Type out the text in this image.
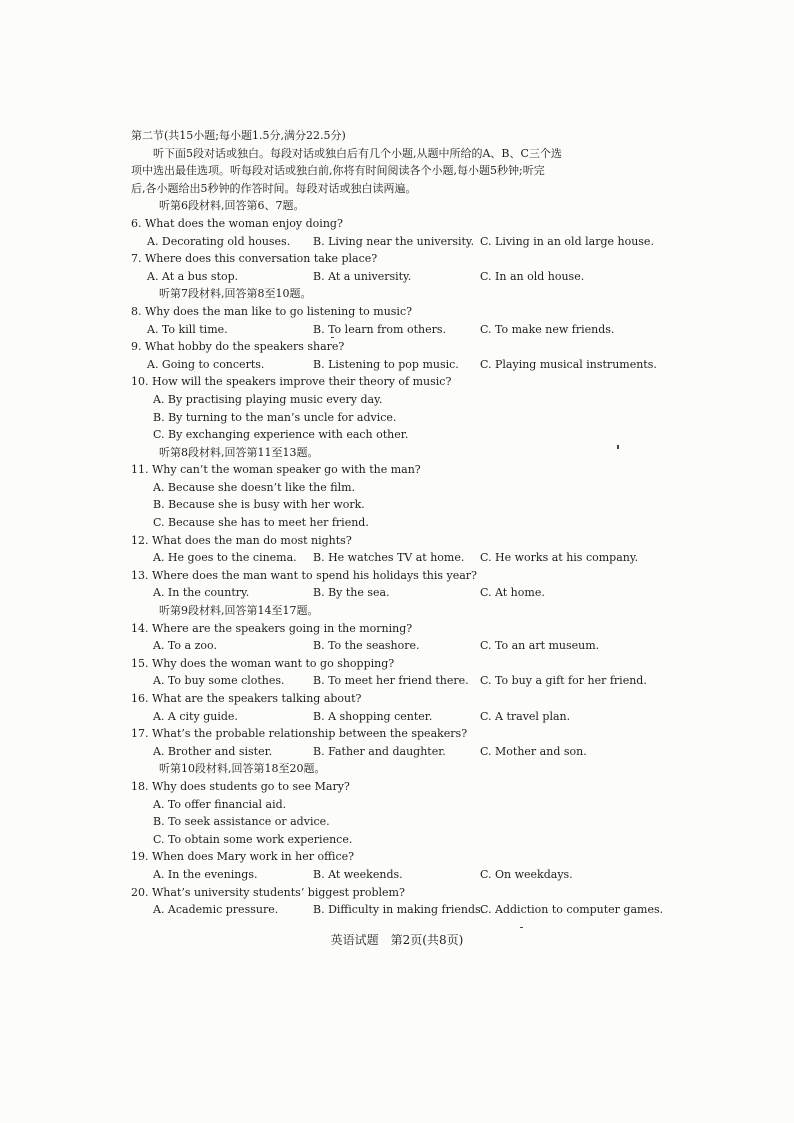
第二节(共15小题;每小题1.5分,满分22.5分)
听下面5段对话或独白。每段对话或独白后有几个小题,从题中所给的A、B、C三个选
项中选出最佳选项。听每段对话或独白前,你将有时间阅读各个小题,每小题5秒钟;听完
后,各小题给出5秒钟的作答时间。每段对话或独白读两遍。
听第6段材料,回答第6、7题。
6. What does the woman enjoy doing?
A. Decorating old houses.	B. Living near the university. C. Living in an old large house.
7. Where does this conversation take place?
A. At a bus stop.	B. At a university.	C. In an old house.
听第7段材料,回答第8至10题。
8. Why does the man like to go listening to music?
A. To kill time.	B. To learn from others.	C. To make new friends.
9. What hobby do the speakers share?
A. Going to concerts.	B. Listening to pop music.	C. Playing musical instruments.
10. How will the speakers improve their theory of music?
A. By practising playing music every day.
B. By turning to the man’s uncle for advice.
C. By exchanging experience with each other.
听第8段材料,回答第11至13题。
11. Why can’t the woman speaker go with the man?
A. Because she doesn’t like the film.
B. Because she is busy with her work.
C. Because she has to meet her friend.
12. What does the man do most nights?
A. He goes to the cinema.	B. He watches TV at home.	C. He works at his company.
13. Where does the man want to spend his holidays this year?
A. In the country.	B. By the sea.	C. At home.
听第9段材料,回答第14至17题。
14. Where are the speakers going in the morning?
A. To a zoo.	B. To the seashore.	C. To an art museum.
15. Why does the woman want to go shopping?
A. To buy some clothes.	B. To meet her friend there.	C. To buy a gift for her friend.
16. What are the speakers talking about?
A. A city guide.	B. A shopping center.	C. A travel plan.
17. What’s the probable relationship between the speakers?
A. Brother and sister.	B. Father and daughter.	C. Mother and son.
听第10段材料,回答第18至20题。
18. Why does students go to see Mary?
A. To offer financial aid.
B. To seek assistance or advice.
C. To obtain some work experience.
19. When does Mary work in her office?
A. In the evenings.	B. At weekends.	C. On weekdays.
20. What’s university students’ biggest problem?
A. Academic pressure.	B. Difficulty in making friends.
C. Addiction to computer games.
英语试题　第2页(共8页)
